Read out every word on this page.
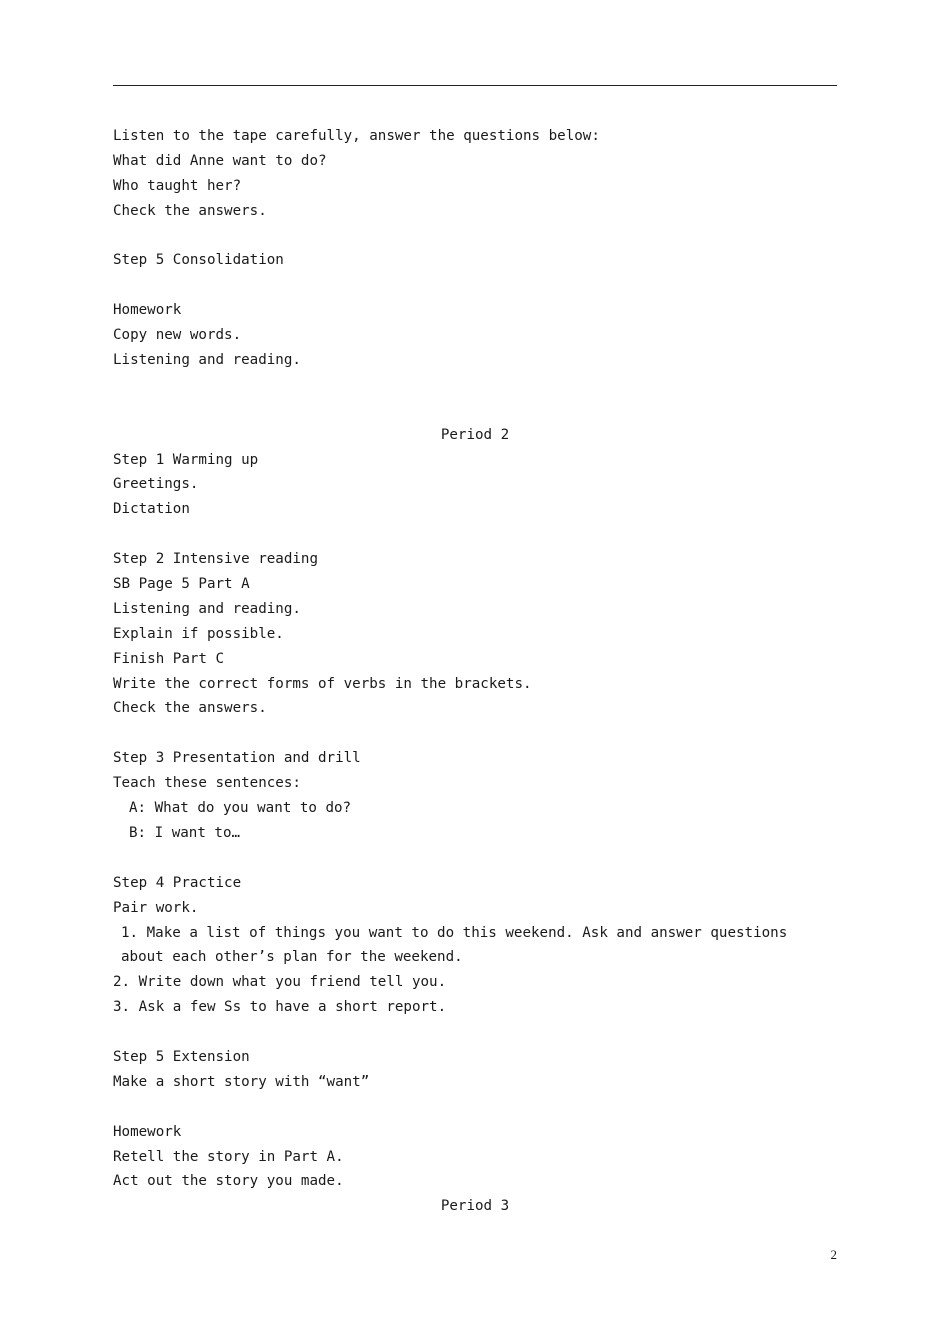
Listen to the tape carefully, answer the questions below:
What did Anne want to do?
Who taught her?
Check the answers.
Step 5 Consolidation
Homework
Copy new words.
Listening and reading.
Period 2
Step 1 Warming up
Greetings.
Dictation
Step 2 Intensive reading
SB Page 5 Part A
Listening and reading.
Explain if possible.
Finish Part C
Write the correct forms of verbs in the brackets.
Check the answers.
Step 3 Presentation and drill
Teach these sentences:
A: What do you want to do?
B: I want to…
Step 4 Practice
Pair work.
1. Make a list of things you want to do this weekend. Ask and answer questions about each other’s plan for the weekend.
2. Write down what you friend tell you.
3. Ask a few Ss to have a short report.
Step 5 Extension
Make a short story with “want”
Homework
Retell the story in Part A.
Act out the story you made.
Period 3
2
